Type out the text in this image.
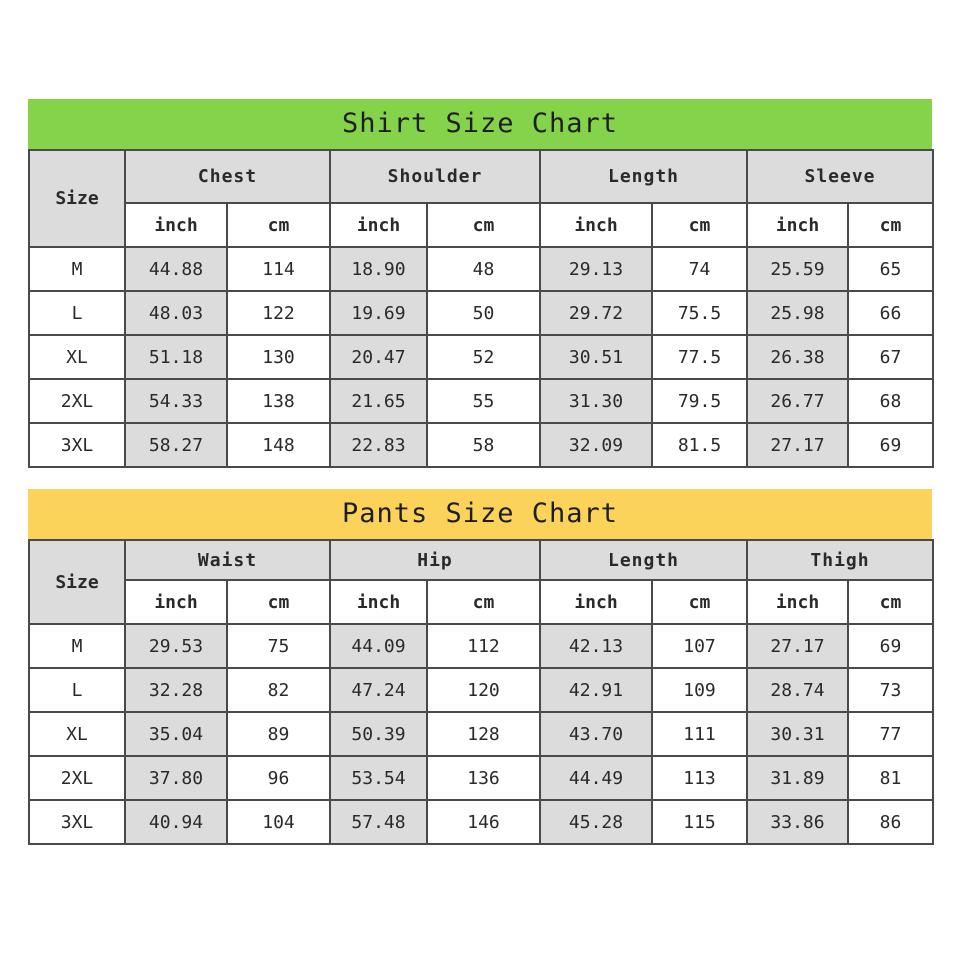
Shirt Size Chart
Size	Chest		Shoulder		Length		Sleeve	
	inch	cm	inch	cm	inch	cm	inch	cm
M	44.88	114	18.90	48	29.13	74	25.59	65
L	48.03	122	19.69	50	29.72	75.5	25.98	66
XL	51.18	130	20.47	52	30.51	77.5	26.38	67
2XL	54.33	138	21.65	55	31.30	79.5	26.77	68
3XL	58.27	148	22.83	58	32.09	81.5	27.17	69
Pants Size Chart
Size	Waist		Hip		Length		Thigh	
	inch	cm	inch	cm	inch	cm	inch	cm
M	29.53	75	44.09	112	42.13	107	27.17	69
L	32.28	82	47.24	120	42.91	109	28.74	73
XL	35.04	89	50.39	128	43.70	111	30.31	77
2XL	37.80	96	53.54	136	44.49	113	31.89	81
3XL	40.94	104	57.48	146	45.28	115	33.86	86
